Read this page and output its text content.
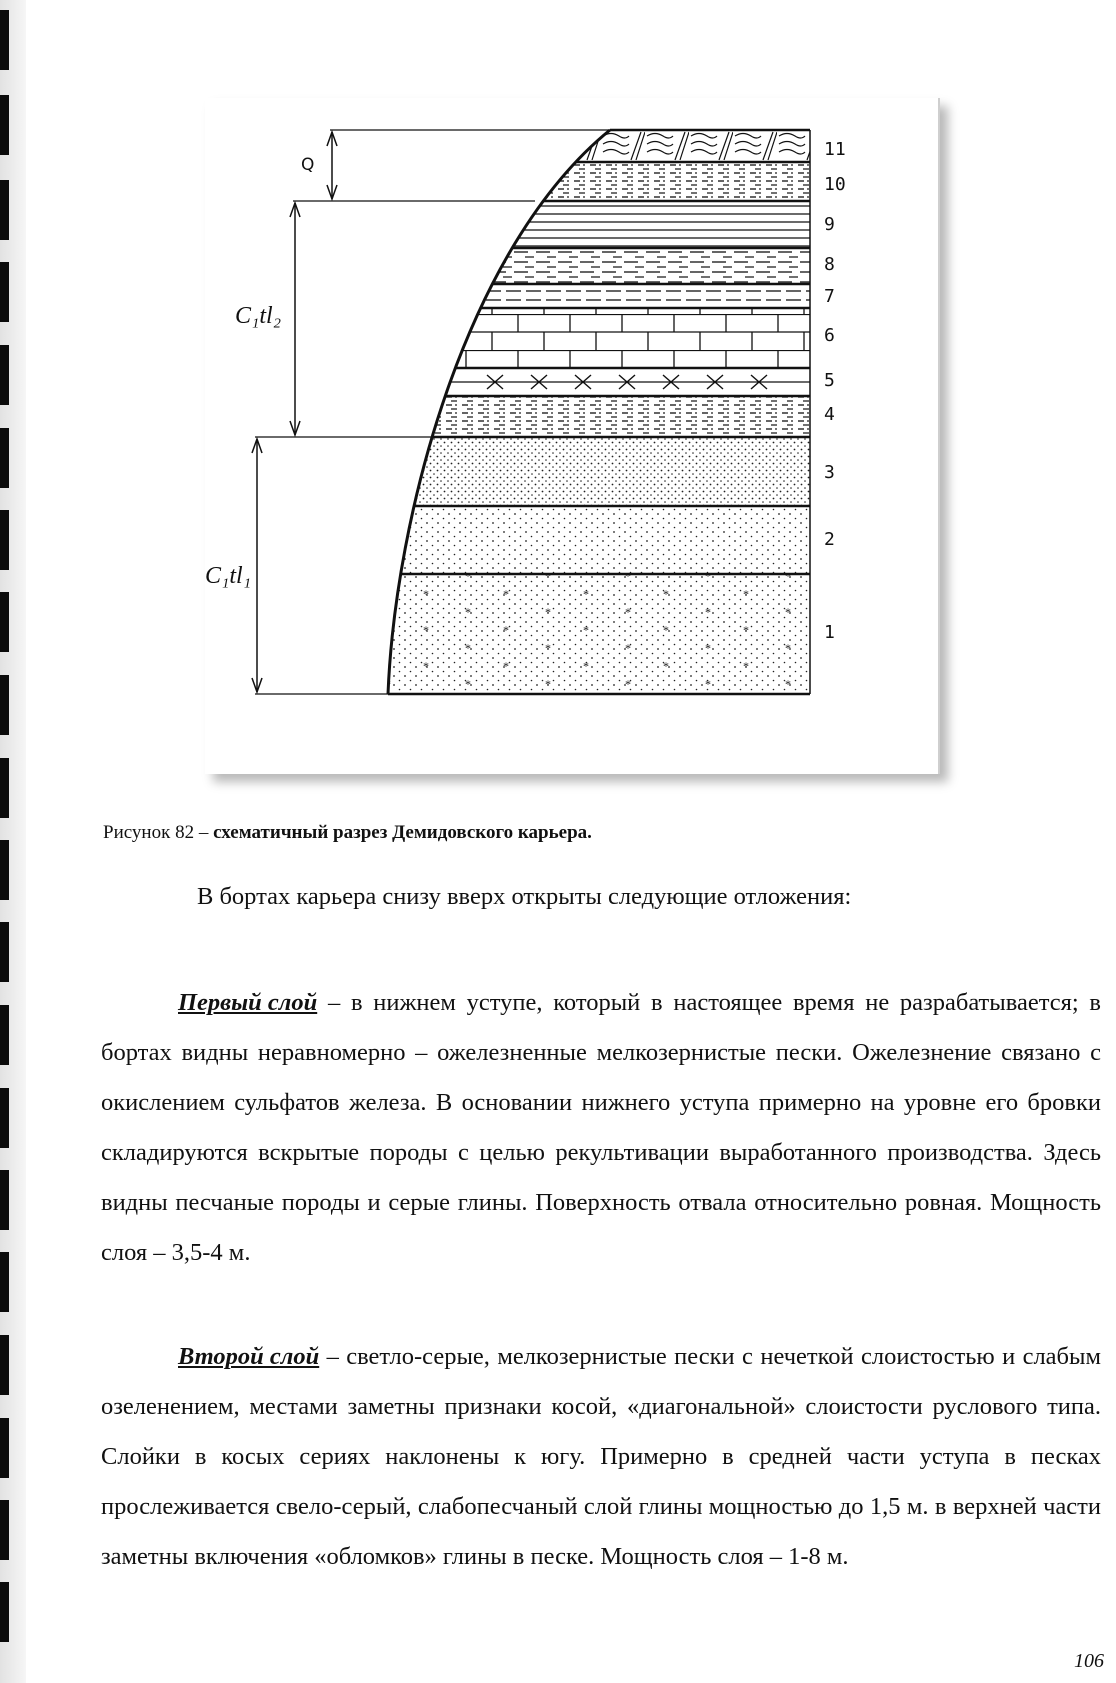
Q
C₁tl₂
C₁tl₁
11
10
9
8
7
6
5
4
3
2
1
Рисунок 82 – схематичный разрез Демидовского карьера.
В бортах карьера снизу вверх открыты следующие отложения:
Первый слой – в нижнем уступе, который в настоящее время не разрабатывается; в бортах видны неравномерно – ожелезненные мелкозернистые пески. Ожелезнение связано с окислением сульфатов железа. В основании нижнего уступа примерно на уровне его бровки складируются вскрытые породы с целью рекультивации выработанного производства. Здесь видны песчаные породы и серые глины. Поверхность отвала относительно ровная. Мощность слоя – 3,5-4 м.
Второй слой – светло-серые, мелкозернистые пески с нечеткой слоистостью и слабым озеленением, местами заметны признаки косой, «диагональной» слоистости руслового типа. Слойки в косых сериях наклонены к югу. Примерно в средней части уступа в песках прослеживается свело-серый, слабопесчаный слой глины мощностью до 1,5 м. в верхней части заметны включения «обломков» глины в песке. Мощность слоя – 1-8 м.
106
